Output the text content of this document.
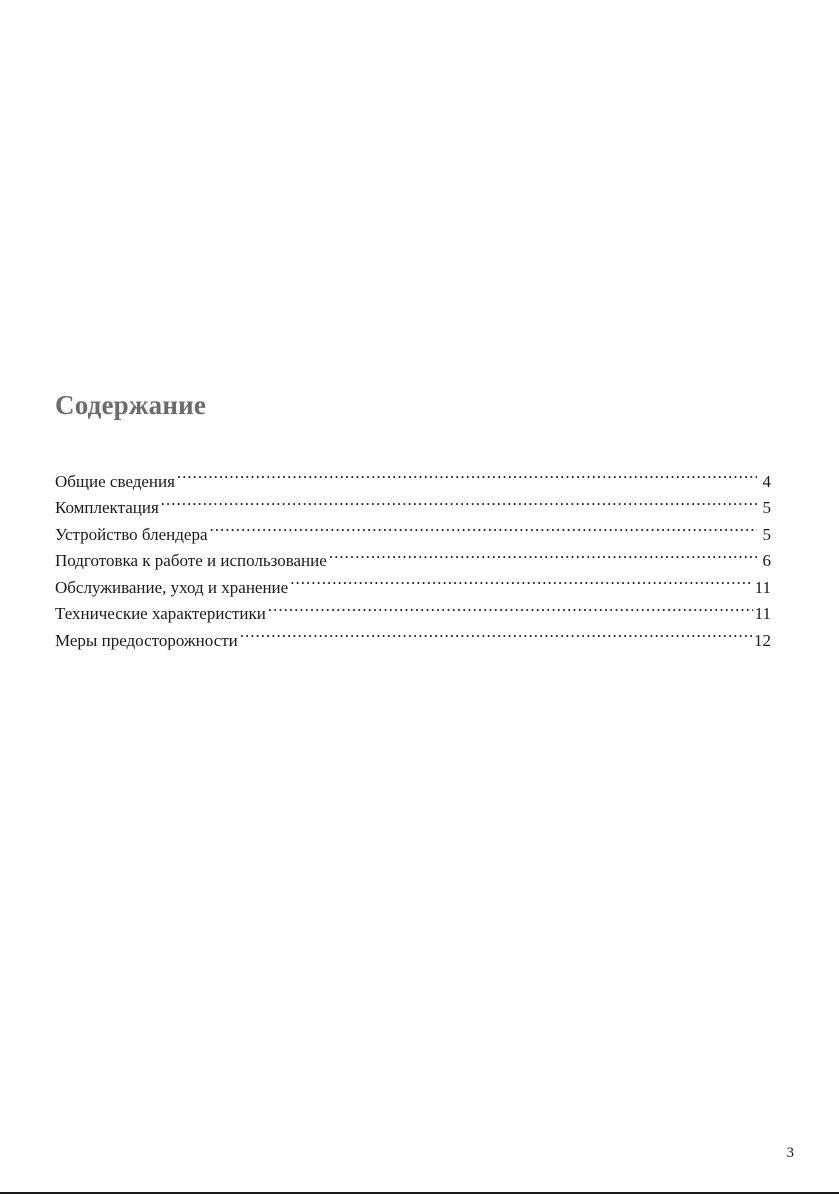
Содержание
Общие сведения .....	4
Комплектация .....	5
Устройство блендера .....	5
Подготовка к работе и использование .....	6
Обслуживание, уход и хранение .....	11
Технические характеристики .....	11
Меры предосторожности .....	12
3
